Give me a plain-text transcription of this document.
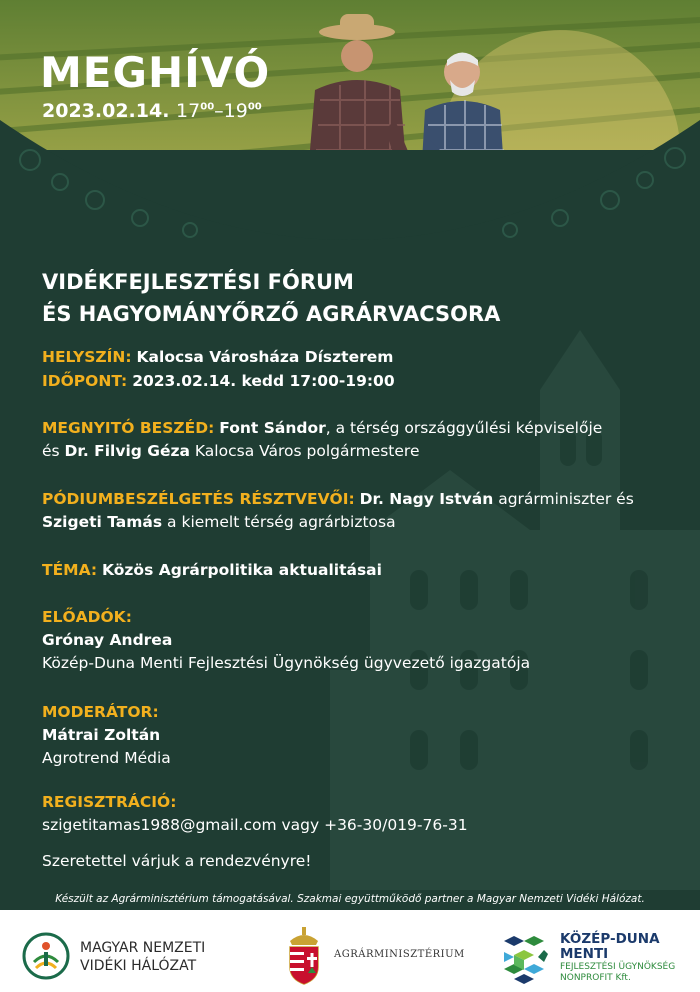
MEGHÍVÓ

2023.02.14. $17^{00}-19^{00}$

VIDÉKFEJLESZTÉSI FÓRUM
ÉS HAGYOMÁNYŐRZŐ AGRÁRVACSORA

HELYSZÍN: Kalocsa Városháza Díszterem

IDŐPONT: 2023.02.14. kedd 17:00-19:00

MEGNYITÓ BESZÉD: Font Sándor, a térség országgyűlési képviselője
és Dr. Filvig Géza Kalocsa Város polgármestere

PÓDIUMBESZÉLGETÉS RÉSZTVEVŐI: Dr. Nagy István agrárminiszter és
Szigeti Tamás a kiemelt térség agrárbiztosa

TÉMA: Közös Agrárpolitika aktualitásai

ELŐADÓK:
Grónay Andrea
Közép-Duna Menti Fejlesztési Ügynökség ügyvezető igazgatója

MODERÁTOR:
Mátrai Zoltán
Agrotrend Média

REGISZTRÁCIÓ:
szigetitamas1988@gmail.com vagy +36-30/019-76-31

Szeretettel várjuk a rendezvényre!

Készült az Agrárminisztérium támogatásával. Szakmai együttműködő partner a Magyar Nemzeti Vidéki Hálózat.

MAGYAR NEMZETI
VIDÉKI HÁLÓZAT

AGRÁRMINISZTÉRIUM

KÖZÉP-DUNA
MENTI

FEJLESZTÉSI ÜGYNÖKSÉG
NONPROFIT Kft.
